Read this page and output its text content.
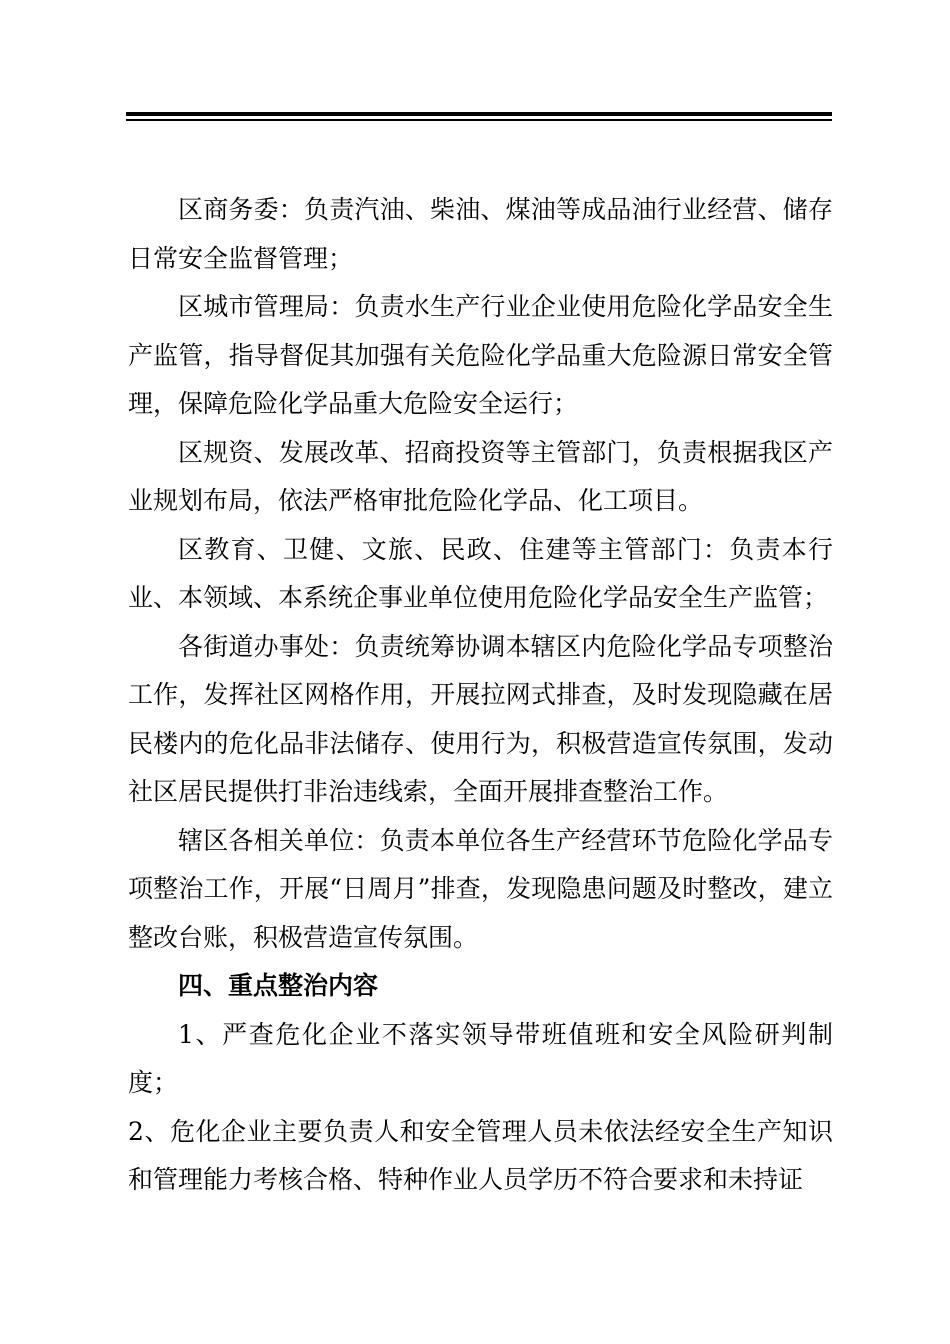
区商务委：负责汽油、柴油、煤油等成品油行业经营、储存日常安全监督管理；

区城市管理局：负责水生产行业企业使用危险化学品安全生产监管，指导督促其加强有关危险化学品重大危险源日常安全管理，保障危险化学品重大危险安全运行；

区规资、发展改革、招商投资等主管部门，负责根据我区产业规划布局，依法严格审批危险化学品、化工项目。

区教育、卫健、文旅、民政、住建等主管部门：负责本行业、本领域、本系统企事业单位使用危险化学品安全生产监管；

各街道办事处：负责统筹协调本辖区内危险化学品专项整治工作，发挥社区网格作用，开展拉网式排查，及时发现隐藏在居民楼内的危化品非法储存、使用行为，积极营造宣传氛围，发动社区居民提供打非治违线索，全面开展排查整治工作。

辖区各相关单位：负责本单位各生产经营环节危险化学品专项整治工作，开展“日周月”排查，发现隐患问题及时整改，建立整改台账，积极营造宣传氛围。

四、重点整治内容

1、严查危化企业不落实领导带班值班和安全风险研判制度；

2、危化企业主要负责人和安全管理人员未依法经安全生产知识和管理能力考核合格、特种作业人员学历不符合要求和未持证
